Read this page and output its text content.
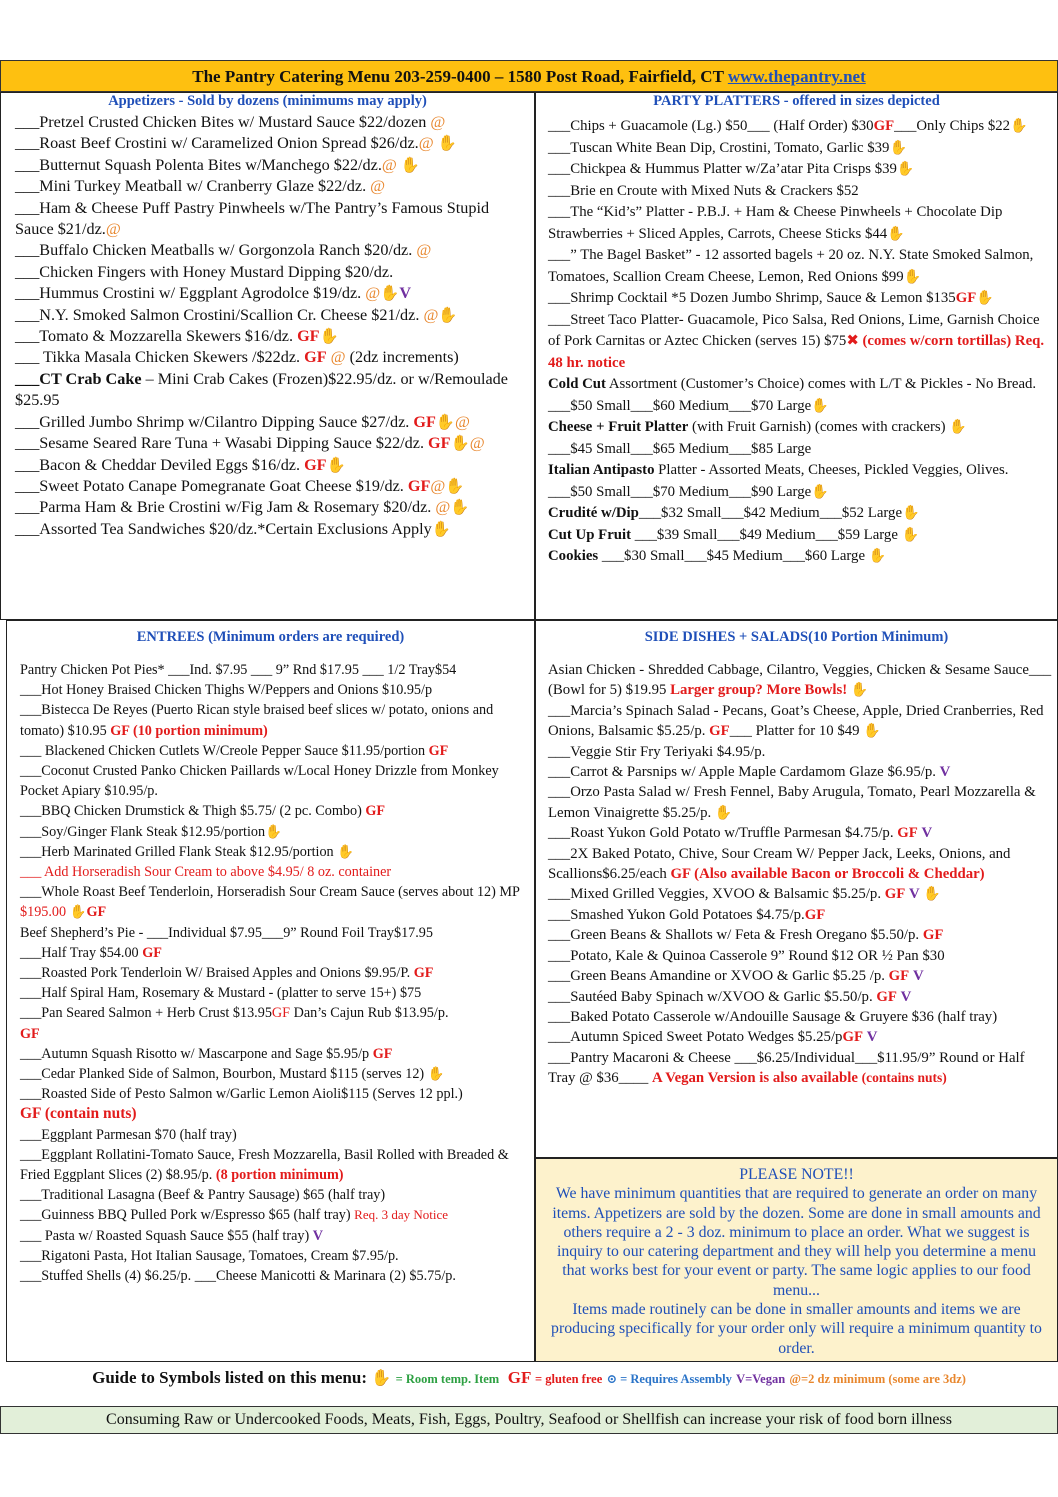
The Pantry Catering Menu 203-259-0400 – 1580 Post Road, Fairfield, CT www.thepantry.net
Appetizers - Sold by dozens (minimums may apply)
___Pretzel Crusted Chicken Bites w/ Mustard Sauce $22/dozen @
___Roast Beef Crostini w/ Caramelized Onion Spread $26/dz.@ ✋
___Butternut Squash Polenta Bites w/Manchego $22/dz.@ ✋
___Mini Turkey Meatball w/ Cranberry Glaze $22/dz. @
___Ham & Cheese Puff Pastry Pinwheels w/The Pantry’s Famous Stupid Sauce $21/dz.@
___Buffalo Chicken Meatballs w/ Gorgonzola Ranch $20/dz. @
___Chicken Fingers with Honey Mustard Dipping $20/dz.
___Hummus Crostini w/ Eggplant Agrodolce $19/dz. @✋V
___N.Y. Smoked Salmon Crostini/Scallion Cr. Cheese $21/dz. @✋
___Tomato & Mozzarella Skewers $16/dz. GF✋
___ Tikka Masala Chicken Skewers /$22dz. GF @ (2dz increments)
___CT Crab Cake – Mini Crab Cakes (Frozen)$22.95/dz. or w/Remoulade $25.95
___Grilled Jumbo Shrimp w/Cilantro Dipping Sauce $27/dz. GF✋@
___Sesame Seared Rare Tuna + Wasabi Dipping Sauce $22/dz. GF✋@
___Bacon & Cheddar Deviled Eggs $16/dz. GF✋
___Sweet Potato Canape Pomegranate Goat Cheese $19/dz. GF@✋
___Parma Ham & Brie Crostini w/Fig Jam & Rosemary $20/dz. @✋
___Assorted Tea Sandwiches $20/dz.*Certain Exclusions Apply✋
PARTY PLATTERS - offered in sizes depicted
___Chips + Guacamole (Lg.) $50___ (Half Order) $30GF___Only Chips $22✋
___Tuscan White Bean Dip, Crostini, Tomato, Garlic $39✋
___Chickpea & Hummus Platter w/Za’atar Pita Crisps $39✋
___Brie en Croute with Mixed Nuts & Crackers $52
___The “Kid’s” Platter - P.B.J. + Ham & Cheese Pinwheels + Chocolate Dip Strawberries + Sliced Apples, Carrots, Cheese Sticks $44✋
___” The Bagel Basket” - 12 assorted bagels + 20 oz. N.Y. State Smoked Salmon, Tomatoes, Scallion Cream Cheese, Lemon, Red Onions $99✋
___Shrimp Cocktail *5 Dozen Jumbo Shrimp, Sauce & Lemon $135GF✋
___Street Taco Platter- Guacamole, Pico Salsa, Red Onions, Lime, Garnish Choice of Pork Carnitas or Aztec Chicken (serves 15) $75✖ (comes w/corn tortillas) Req. 48 hr. notice
Cold Cut Assortment (Customer’s Choice) comes with L/T & Pickles - No Bread. ___$50 Small___$60 Medium___$70 Large✋
Cheese + Fruit Platter (with Fruit Garnish) (comes with crackers) ✋
___$45 Small___$65 Medium___$85 Large
Italian Antipasto Platter - Assorted Meats, Cheeses, Pickled Veggies, Olives. ___$50 Small___$70 Medium___$90 Large✋
Crudité w/Dip___$32 Small___$42 Medium___$52 Large✋
Cut Up Fruit ___$39 Small___$49 Medium___$59 Large ✋
Cookies ___$30 Small___$45 Medium___$60 Large ✋
ENTREES (Minimum orders are required)
Pantry Chicken Pot Pies* ___Ind. $7.95 ___ 9” Rnd $17.95 ___ 1/2 Tray$54
___Hot Honey Braised Chicken Thighs W/Peppers and Onions $10.95/p
___Bistecca De Reyes (Puerto Rican style braised beef slices w/ potato, onions and tomato) $10.95 GF (10 portion minimum)
___ Blackened Chicken Cutlets W/Creole Pepper Sauce $11.95/portion GF
___Coconut Crusted Panko Chicken Paillards w/Local Honey Drizzle from Monkey Pocket Apiary $10.95/p.
___BBQ Chicken Drumstick & Thigh $5.75/ (2 pc. Combo) GF
___Soy/Ginger Flank Steak $12.95/portion✋
___Herb Marinated Grilled Flank Steak $12.95/portion ✋
___ Add Horseradish Sour Cream to above $4.95/ 8 oz. container
___Whole Roast Beef Tenderloin, Horseradish Sour Cream Sauce (serves about 12) MP $195.00 ✋GF
Beef Shepherd’s Pie - ___Individual $7.95___9” Round Foil Tray$17.95
___Half Tray $54.00 GF
___Roasted Pork Tenderloin W/ Braised Apples and Onions $9.95/P. GF
___Half Spiral Ham, Rosemary & Mustard - (platter to serve 15+) $75
___Pan Seared Salmon + Herb Crust $13.95GF Dan’s Cajun Rub $13.95/p.
GF
___Autumn Squash Risotto w/ Mascarpone and Sage $5.95/p GF
___Cedar Planked Side of Salmon, Bourbon, Mustard $115 (serves 12) ✋
___Roasted Side of Pesto Salmon w/Garlic Lemon Aioli$115 (Serves 12 ppl.)
GF (contain nuts)
___Eggplant Parmesan $70 (half tray)
___Eggplant Rollatini-Tomato Sauce, Fresh Mozzarella, Basil Rolled with Breaded & Fried Eggplant Slices (2) $8.95/p. (8 portion minimum)
___Traditional Lasagna (Beef & Pantry Sausage) $65 (half tray)
___Guinness BBQ Pulled Pork w/Espresso $65 (half tray) Req. 3 day Notice
___ Pasta w/ Roasted Squash Sauce $55 (half tray) V
___Rigatoni Pasta, Hot Italian Sausage, Tomatoes, Cream $7.95/p.
___Stuffed Shells (4) $6.25/p. ___Cheese Manicotti & Marinara (2) $5.75/p.
SIDE DISHES + SALADS(10 Portion Minimum)
Asian Chicken - Shredded Cabbage, Cilantro, Veggies, Chicken & Sesame Sauce___ (Bowl for 5) $19.95 Larger group? More Bowls! ✋
___Marcia’s Spinach Salad - Pecans, Goat’s Cheese, Apple, Dried Cranberries, Red Onions, Balsamic $5.25/p. GF___ Platter for 10 $49 ✋
___Veggie Stir Fry Teriyaki $4.95/p.
___Carrot & Parsnips w/ Apple Maple Cardamom Glaze $6.95/p. V
___Orzo Pasta Salad w/ Fresh Fennel, Baby Arugula, Tomato, Pearl Mozzarella & Lemon Vinaigrette $5.25/p. ✋
___Roast Yukon Gold Potato w/Truffle Parmesan $4.75/p. GF V
___2X Baked Potato, Chive, Sour Cream W/ Pepper Jack, Leeks, Onions, and Scallions$6.25/each GF (Also available Bacon or Broccoli & Cheddar)
___Mixed Grilled Veggies, XVOO & Balsamic $5.25/p. GF V ✋
___Smashed Yukon Gold Potatoes $4.75/p.GF
___Green Beans & Shallots w/ Feta & Fresh Oregano $5.50/p. GF
___Potato, Kale & Quinoa Casserole 9” Round $12 OR ½ Pan $30
___Green Beans Amandine or XVOO & Garlic $5.25 /p. GF V
___Sautéed Baby Spinach w/XVOO & Garlic $5.50/p. GF V
___Baked Potato Casserole w/Andouille Sausage & Gruyere $36 (half tray)
___Autumn Spiced Sweet Potato Wedges $5.25/pGF V
___Pantry Macaroni & Cheese ___$6.25/Individual___$11.95/9” Round or Half Tray @ $36____ A Vegan Version is also available (contains nuts)
PLEASE NOTE!!
We have minimum quantities that are required to generate an order on many items. Appetizers are sold by the dozen. Some are done in small amounts and others require a 2 - 3 doz. minimum to place an order. What we suggest is inquiry to our catering department and they will help you determine a menu that works best for your event or party. The same logic applies to our food menu...
Items made routinely can be done in smaller amounts and items we are producing specifically for your order only will require a minimum quantity to order.
Guide to Symbols listed on this menu: ✋ = Room temp. Item GF = gluten free ⊙ = Requires Assembly V=Vegan @=2 dz minimum (some are 3dz)
Consuming Raw or Undercooked Foods, Meats, Fish, Eggs, Poultry, Seafood or Shellfish can increase your risk of food born illness
